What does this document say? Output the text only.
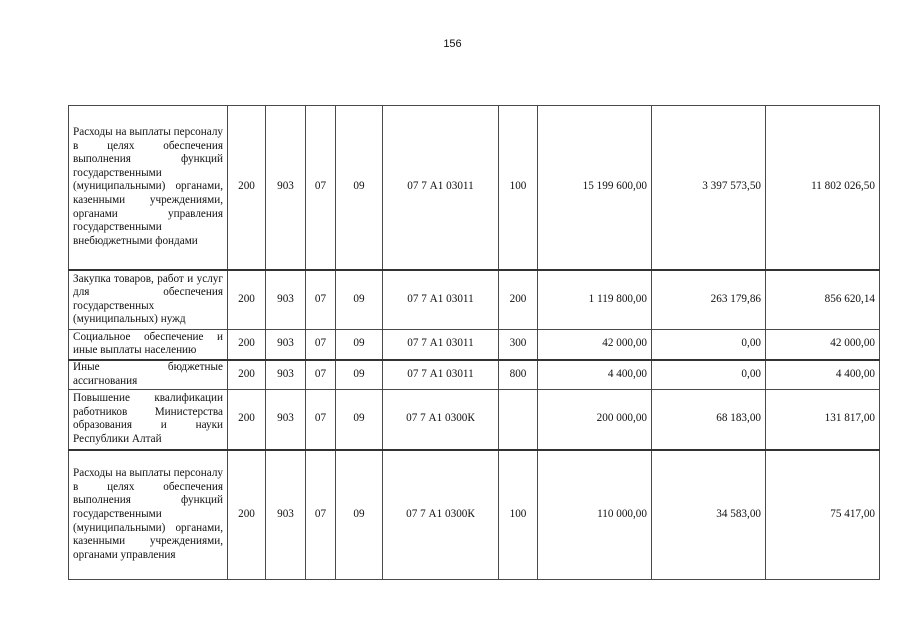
156
Расходы на выплаты персоналу в целях обеспечения выполнения функций государственными (муниципальными) органами, казенными учреждениями, органами управления государственными внебюджетными фондами	200	903	07	09	07 7 А1 03011	100	15 199 600,00	3 397 573,50	11 802 026,50
Закупка товаров, работ и услуг для обеспечения государственных (муниципальных) нужд	200	903	07	09	07 7 А1 03011	200	1 119 800,00	263 179,86	856 620,14
Социальное обеспечение и иные выплаты населению	200	903	07	09	07 7 А1 03011	300	42 000,00	0,00	42 000,00
Иные бюджетные ассигнования	200	903	07	09	07 7 А1 03011	800	4 400,00	0,00	4 400,00
Повышение квалификации работников Министерства образования и науки Республики Алтай	200	903	07	09	07 7 А1 0300К		200 000,00	68 183,00	131 817,00
Расходы на выплаты персоналу в целях обеспечения выполнения функций государственными (муниципальными) органами, казенными учреждениями, органами управления	200	903	07	09	07 7 А1 0300К	100	110 000,00	34 583,00	75 417,00
